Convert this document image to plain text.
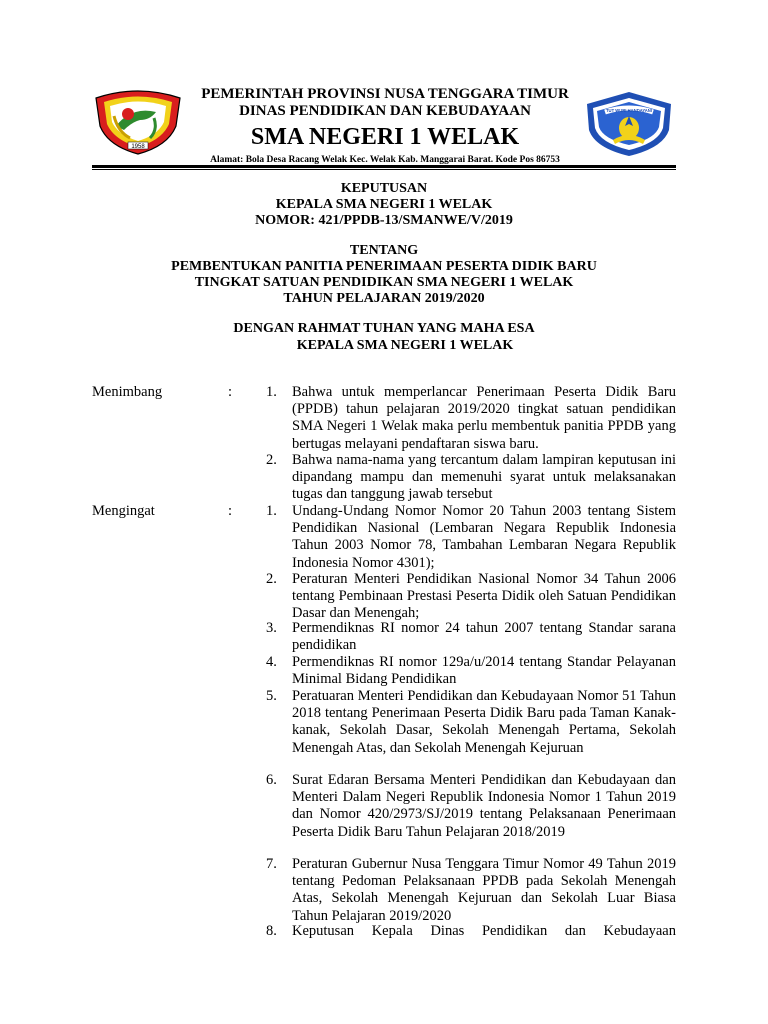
1958
PEMERINTAH PROVINSI NUSA TENGGARA TIMUR
DINAS PENDIDIKAN DAN KEBUDAYAAN
SMA NEGERI 1 WELAK
Alamat: Bola Desa Racang Welak Kec. Welak Kab. Manggarai Barat. Kode Pos 86753
TUT WURI HANDAYANI
KEPUTUSAN
KEPALA SMA NEGERI 1 WELAK
NOMOR: 421/PPDB-13/SMANWE/V/2019
TENTANG
PEMBENTUKAN PANITIA PENERIMAAN PESERTA DIDIK BARU
TINGKAT SATUAN PENDIDIKAN SMA NEGERI 1 WELAK
TAHUN PELAJARAN 2019/2020
DENGAN RAHMAT TUHAN YANG MAHA ESA
KEPALA SMA NEGERI 1 WELAK
Menimbang	: 1. Bahwa untuk memperlancar Penerimaan Peserta Didik Baru (PPDB) tahun pelajaran 2019/2020 tingkat satuan pendidikan SMA Negeri 1 Welak maka perlu membentuk panitia PPDB yang bertugas melayani pendaftaran siswa baru.
2. Bahwa nama-nama yang tercantum dalam lampiran keputusan ini dipandang mampu dan memenuhi syarat untuk melaksanakan tugas dan tanggung jawab tersebut
Mengingat	: 1. Undang-Undang Nomor Nomor 20 Tahun 2003 tentang Sistem Pendidikan Nasional (Lembaran Negara Republik Indonesia Tahun 2003 Nomor 78, Tambahan Lembaran Negara Republik Indonesia Nomor 4301);
2. Peraturan Menteri Pendidikan Nasional Nomor 34 Tahun 2006 tentang Pembinaan Prestasi Peserta Didik oleh Satuan Pendidikan Dasar dan Menengah;
3. Permendiknas RI nomor 24 tahun 2007 tentang Standar sarana pendidikan
4. Permendiknas RI nomor 129a/u/2014 tentang Standar Pelayanan Minimal Bidang Pendidikan
5. Peratuaran Menteri Pendidikan dan Kebudayaan Nomor 51 Tahun 2018 tentang Penerimaan Peserta Didik Baru pada Taman Kanak-kanak, Sekolah Dasar, Sekolah Menengah Pertama, Sekolah Menengah Atas, dan Sekolah Menengah Kejuruan
6. Surat Edaran Bersama Menteri Pendidikan dan Kebudayaan dan Menteri Dalam Negeri Republik Indonesia Nomor 1 Tahun 2019 dan Nomor 420/2973/SJ/2019 tentang Pelaksanaan Penerimaan Peserta Didik Baru Tahun Pelajaran 2018/2019
7. Peraturan Gubernur Nusa Tenggara Timur Nomor 49 Tahun 2019 tentang Pedoman Pelaksanaan PPDB pada Sekolah Menengah Atas, Sekolah Menengah Kejuruan dan Sekolah Luar Biasa Tahun Pelajaran 2019/2020
8. Keputusan Kepala Dinas Pendidikan dan Kebudayaan
